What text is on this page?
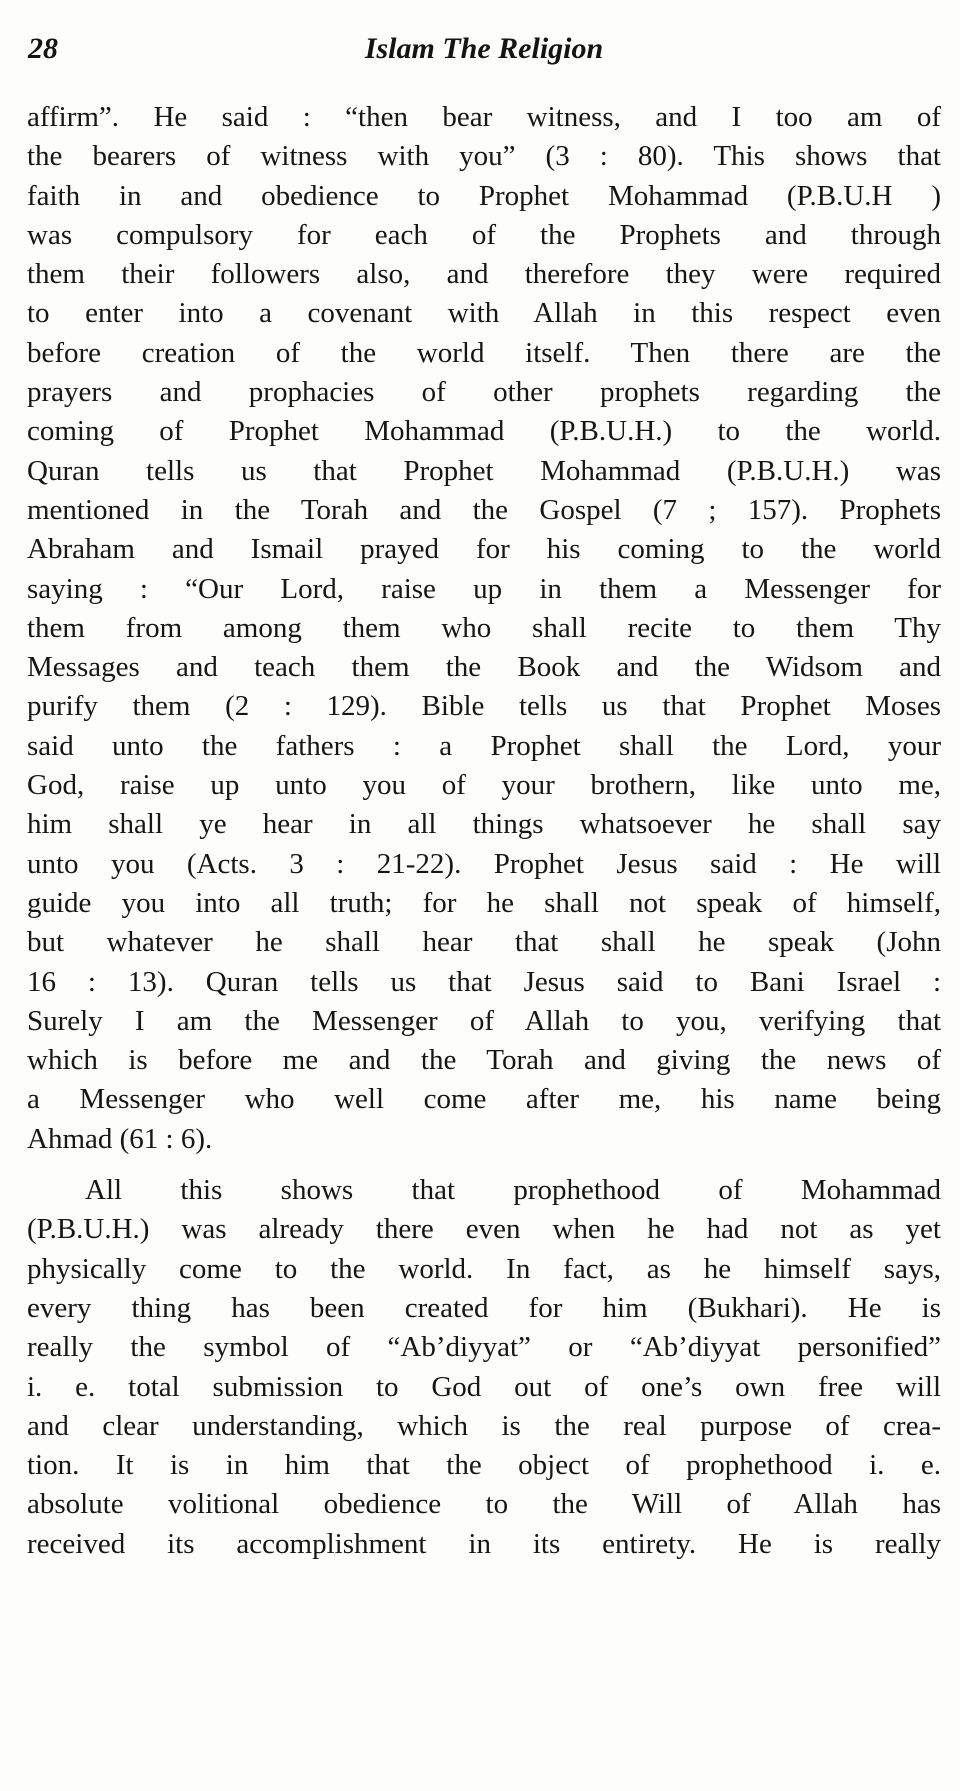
28	Islam The Religion
affirm”. He said : “then bear witness, and I too am of
the bearers of witness with you” (3 : 80). This shows that
faith in and obedience to Prophet Mohammad (P.B.U.H )
was compulsory for each of the Prophets and through
them their followers also, and therefore they were required
to enter into a covenant with Allah in this respect even
before creation of the world itself. Then there are the
prayers and prophacies of other prophets regarding the
coming of Prophet Mohammad (P.B.U.H.) to the world.
Quran tells us that Prophet Mohammad (P.B.U.H.) was
mentioned in the Torah and the Gospel (7 ; 157). Prophets
Abraham and Ismail prayed for his coming to the world
saying : “Our Lord, raise up in them a Messenger for
them from among them who shall recite to them Thy
Messages and teach them the Book and the Widsom and
purify them (2 : 129). Bible tells us that Prophet Moses
said unto the fathers : a Prophet shall the Lord, your
God, raise up unto you of your brothern, like unto me,
him shall ye hear in all things whatsoever he shall say
unto you (Acts. 3 : 21-22). Prophet Jesus said : He will
guide you into all truth; for he shall not speak of himself,
but whatever he shall hear that shall he speak (John
16 : 13). Quran tells us that Jesus said to Bani Israel :
Surely I am the Messenger of Allah to you, verifying that
which is before me and the Torah and giving the news of
a Messenger who well come after me, his name being
Ahmad (61 : 6).
All this shows that prophethood of Mohammad
(P.B.U.H.) was already there even when he had not as yet
physically come to the world. In fact, as he himself says,
every thing has been created for him (Bukhari). He is
really the symbol of “Ab’diyyat” or “Ab’diyyat personified”
i. e. total submission to God out of one’s own free will
and clear understanding, which is the real purpose of crea-
tion. It is in him that the object of prophethood i. e.
absolute volitional obedience to the Will of Allah has
received its accomplishment in its entirety. He is really
